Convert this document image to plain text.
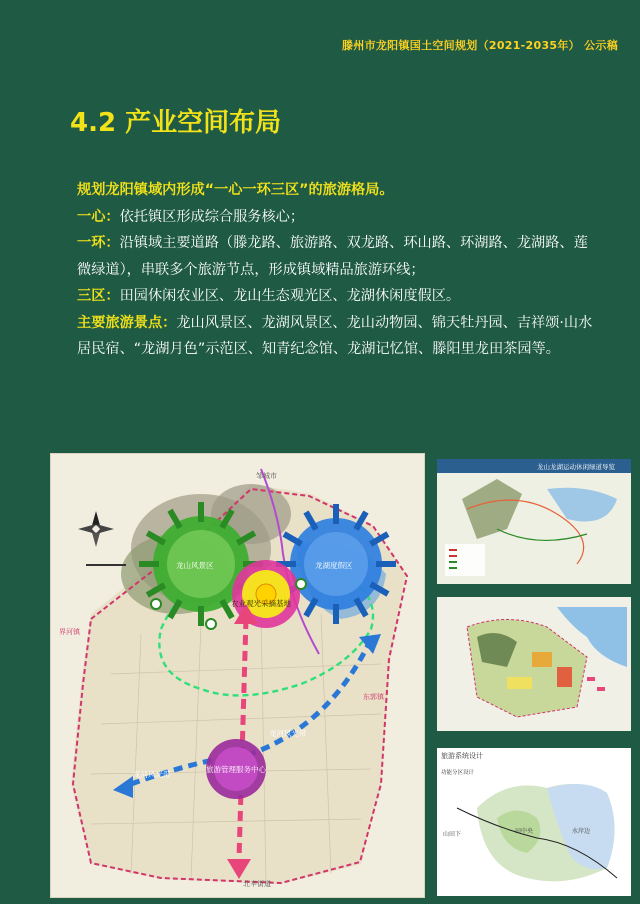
滕州市龙阳镇国土空间规划（2021-2035年） 公示稿
4.2 产业空间布局

规划龙阳镇域内形成“一心一环三区”的旅游格局。

一心：依托镇区形成综合服务核心；

一环：沿镇域主要道路（滕龙路、旅游路、双龙路、环山路、环湖路、龙湖路、莲微绿道），串联多个旅游节点，形成镇域精品旅游环线；

三区：田园休闲农业区、龙山生态观光区、龙湖休闲度假区。

主要旅游景点：龙山风景区、龙湖风景区、龙山动物园、锦天牡丹园、吉祥颂·山水居民宿、“龙湖月色”示范区、知青纪念馆、龙湖记忆馆、滕阳里龙田茶园等。

邹城市
龙山风景区	龙湖度假区
农业观光采摘基地
界河镇
东郭镇
龙河风光带
龙河风光带
旅游管理服务中心
北辛街道
龙山龙湖运动休闲绿道导览
旅游系统设计
功能分区设计
山田下	田中央	水岸边
